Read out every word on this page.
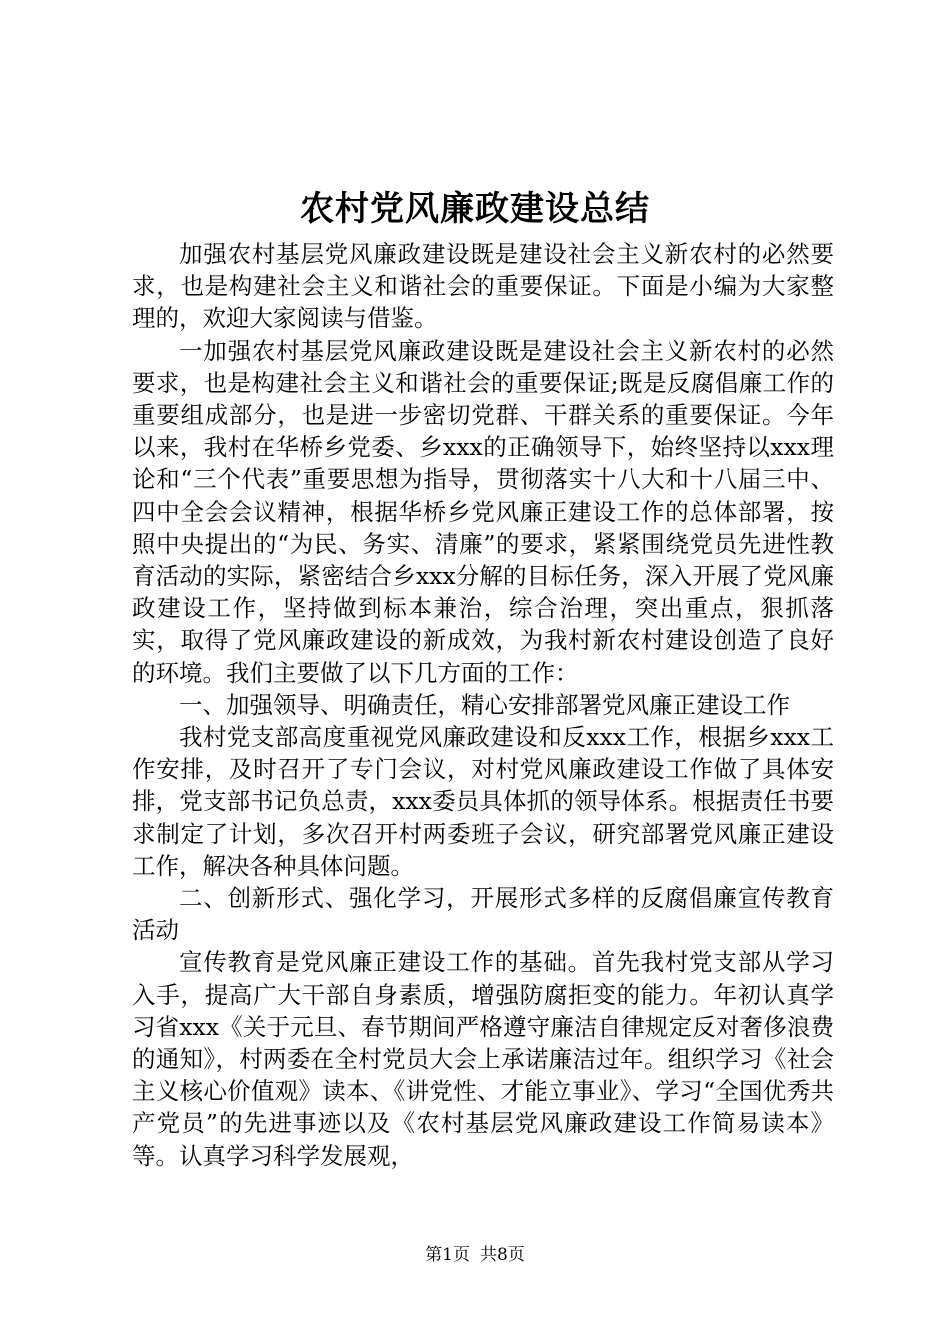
农村党风廉政建设总结

加强农村基层党风廉政建设既是建设社会主义新农村的必然要求，也是构建社会主义和谐社会的重要保证。下面是小编为大家整理的，欢迎大家阅读与借鉴。

一加强农村基层党风廉政建设既是建设社会主义新农村的必然要求，也是构建社会主义和谐社会的重要保证;既是反腐倡廉工作的重要组成部分，也是进一步密切党群、干群关系的重要保证。今年以来，我村在华桥乡党委、乡xxx的正确领导下，始终坚持以xxx理论和“三个代表”重要思想为指导，贯彻落实十八大和十八届三中、四中全会会议精神，根据华桥乡党风廉正建设工作的总体部署，按照中央提出的“为民、务实、清廉”的要求，紧紧围绕党员先进性教育活动的实际，紧密结合乡xxx分解的目标任务，深入开展了党风廉政建设工作，坚持做到标本兼治，综合治理，突出重点，狠抓落实，取得了党风廉政建设的新成效，为我村新农村建设创造了良好的环境。我们主要做了以下几方面的工作：

一、加强领导、明确责任，精心安排部署党风廉正建设工作

我村党支部高度重视党风廉政建设和反xxx工作，根据乡xxx工作安排，及时召开了专门会议，对村党风廉政建设工作做了具体安排，党支部书记负总责，xxx委员具体抓的领导体系。根据责任书要求制定了计划，多次召开村两委班子会议，研究部署党风廉正建设工作，解决各种具体问题。

二、创新形式、强化学习，开展形式多样的反腐倡廉宣传教育活动

宣传教育是党风廉正建设工作的基础。首先我村党支部从学习入手，提高广大干部自身素质，增强防腐拒变的能力。年初认真学习省xxx《关于元旦、春节期间严格遵守廉洁自律规定反对奢侈浪费的通知》，村两委在全村党员大会上承诺廉洁过年。组织学习《社会主义核心价值观》读本、《讲党性、才能立事业》、学习“全国优秀共产党员”的先进事迹以及《农村基层党风廉政建设工作简易读本》等。认真学习科学发展观，

第1页 共8页
